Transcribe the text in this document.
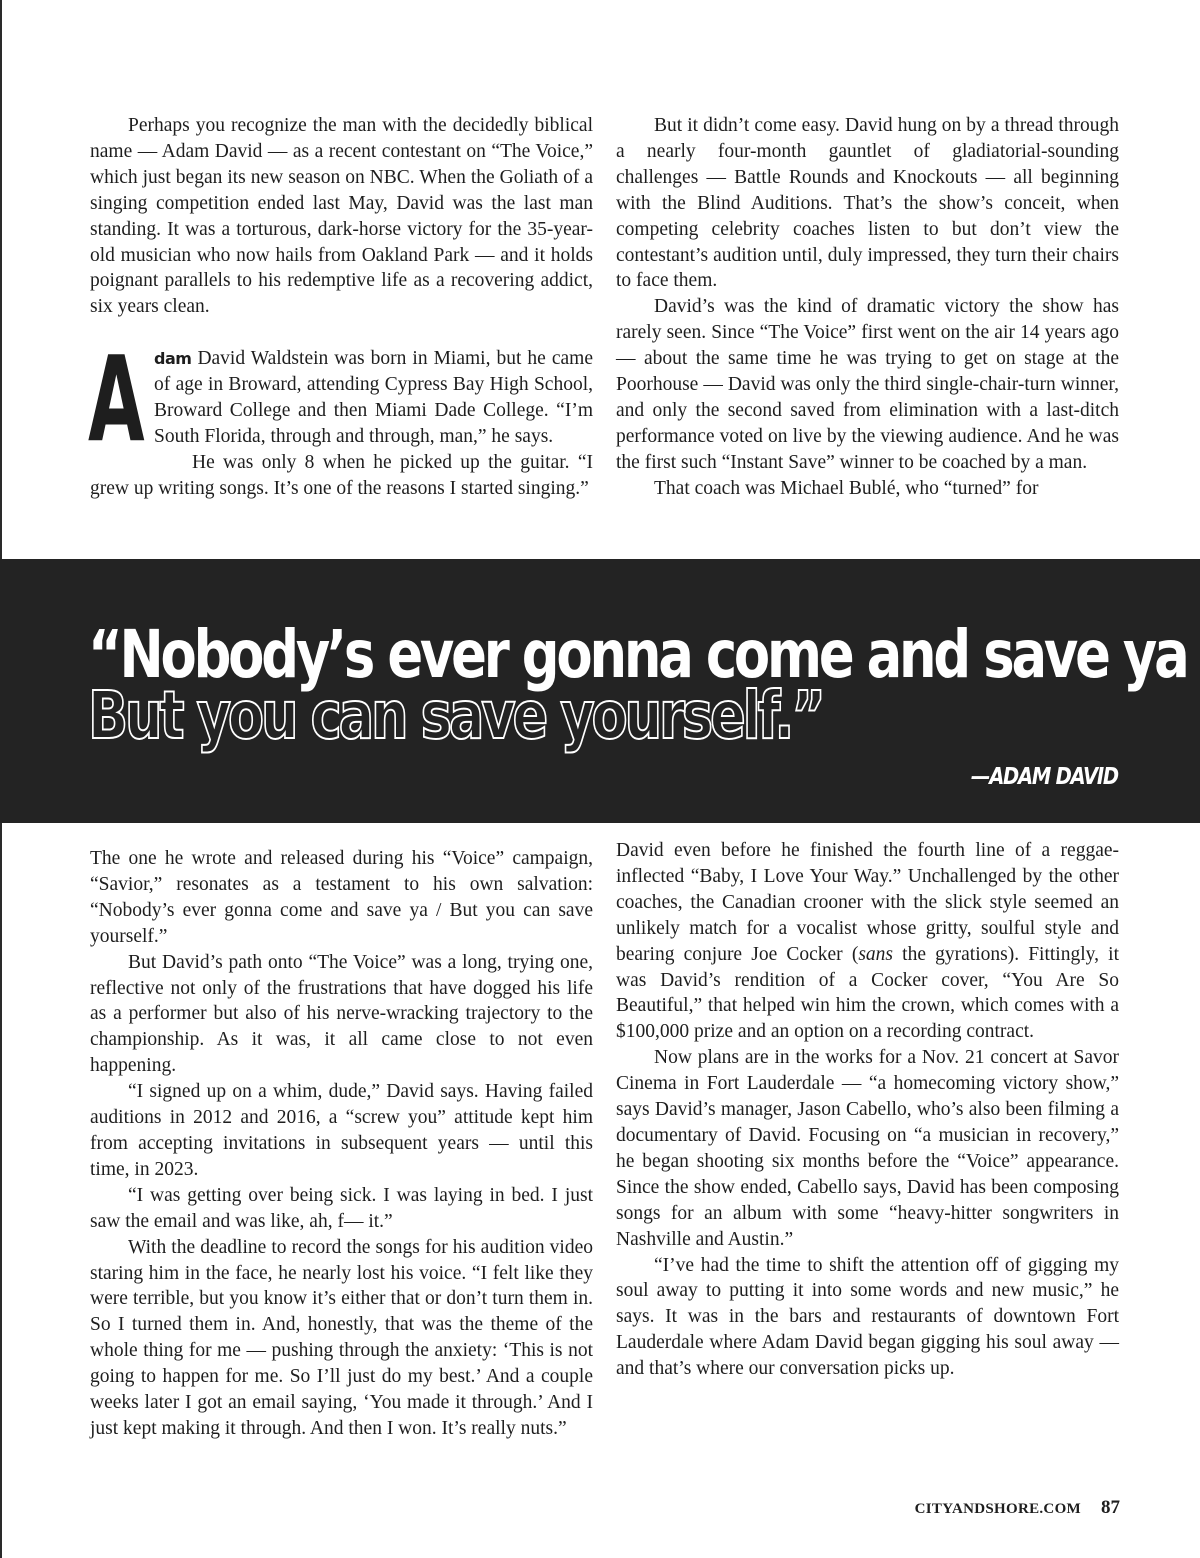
Perhaps you recognize the man with the decidedly biblical name — Adam David — as a recent contestant on “The Voice,” which just began its new season on NBC. When the Goliath of a singing competition ended last May, David was the last man standing. It was a torturous, dark-horse victory for the 35-year-old musician who now hails from Oakland Park — and it holds poignant parallels to his redemptive life as a recovering addict, six years clean.

Adam David Waldstein was born in Miami, but he came of age in Broward, attending Cypress Bay High School, Broward College and then Miami Dade College. “I’m South Florida, through and through, man,” he says.

He was only 8 when he picked up the guitar. “I grew up writing songs. It’s one of the reasons I started singing.”

But it didn’t come easy. David hung on by a thread through a nearly four-month gauntlet of gladiatorial-sounding challenges — Battle Rounds and Knockouts — all beginning with the Blind Auditions. That’s the show’s conceit, when competing celebrity coaches listen to but don’t view the contestant’s audition until, duly impressed, they turn their chairs to face them.

David’s was the kind of dramatic victory the show has rarely seen. Since “The Voice” first went on the air 14 years ago — about the same time he was trying to get on stage at the Poorhouse — David was only the third single-chair-turn winner, and only the second saved from elimination with a last-ditch performance voted on live by the viewing audience. And he was the first such “Instant Save” winner to be coached by a man.

That coach was Michael Bublé, who “turned” for

“Nobody’s ever gonna come and save ya
But you can save yourself.”
—ADAM DAVID

The one he wrote and released during his “Voice” campaign, “Savior,” resonates as a testament to his own salvation: “Nobody’s ever gonna come and save ya / But you can save yourself.”

But David’s path onto “The Voice” was a long, trying one, reflective not only of the frustrations that have dogged his life as a performer but also of his nerve-wracking trajectory to the championship. As it was, it all came close to not even happening.

“I signed up on a whim, dude,” David says. Having failed auditions in 2012 and 2016, a “screw you” attitude kept him from accepting invitations in subsequent years — until this time, in 2023.

“I was getting over being sick. I was laying in bed. I just saw the email and was like, ah, f— it.”

With the deadline to record the songs for his audition video staring him in the face, he nearly lost his voice. “I felt like they were terrible, but you know it’s either that or don’t turn them in. So I turned them in. And, honestly, that was the theme of the whole thing for me — pushing through the anxiety: ‘This is not going to happen for me. So I’ll just do my best.’ And a couple weeks later I got an email saying, ‘You made it through.’ And I just kept making it through. And then I won. It’s really nuts.”

David even before he finished the fourth line of a reggae-inflected “Baby, I Love Your Way.” Unchallenged by the other coaches, the Canadian crooner with the slick style seemed an unlikely match for a vocalist whose gritty, soulful style and bearing conjure Joe Cocker (sans the gyrations). Fittingly, it was David’s rendition of a Cocker cover, “You Are So Beautiful,” that helped win him the crown, which comes with a $100,000 prize and an option on a recording contract.

Now plans are in the works for a Nov. 21 concert at Savor Cinema in Fort Lauderdale — “a homecoming victory show,” says David’s manager, Jason Cabello, who’s also been filming a documentary of David. Focusing on “a musician in recovery,” he began shooting six months before the “Voice” appearance. Since the show ended, Cabello says, David has been composing songs for an album with some “heavy-hitter songwriters in Nashville and Austin.”

“I’ve had the time to shift the attention off of gigging my soul away to putting it into some words and new music,” he says. It was in the bars and restaurants of downtown Fort Lauderdale where Adam David began gigging his soul away — and that’s where our conversation picks up.

CITYANDSHORE.COM 87
